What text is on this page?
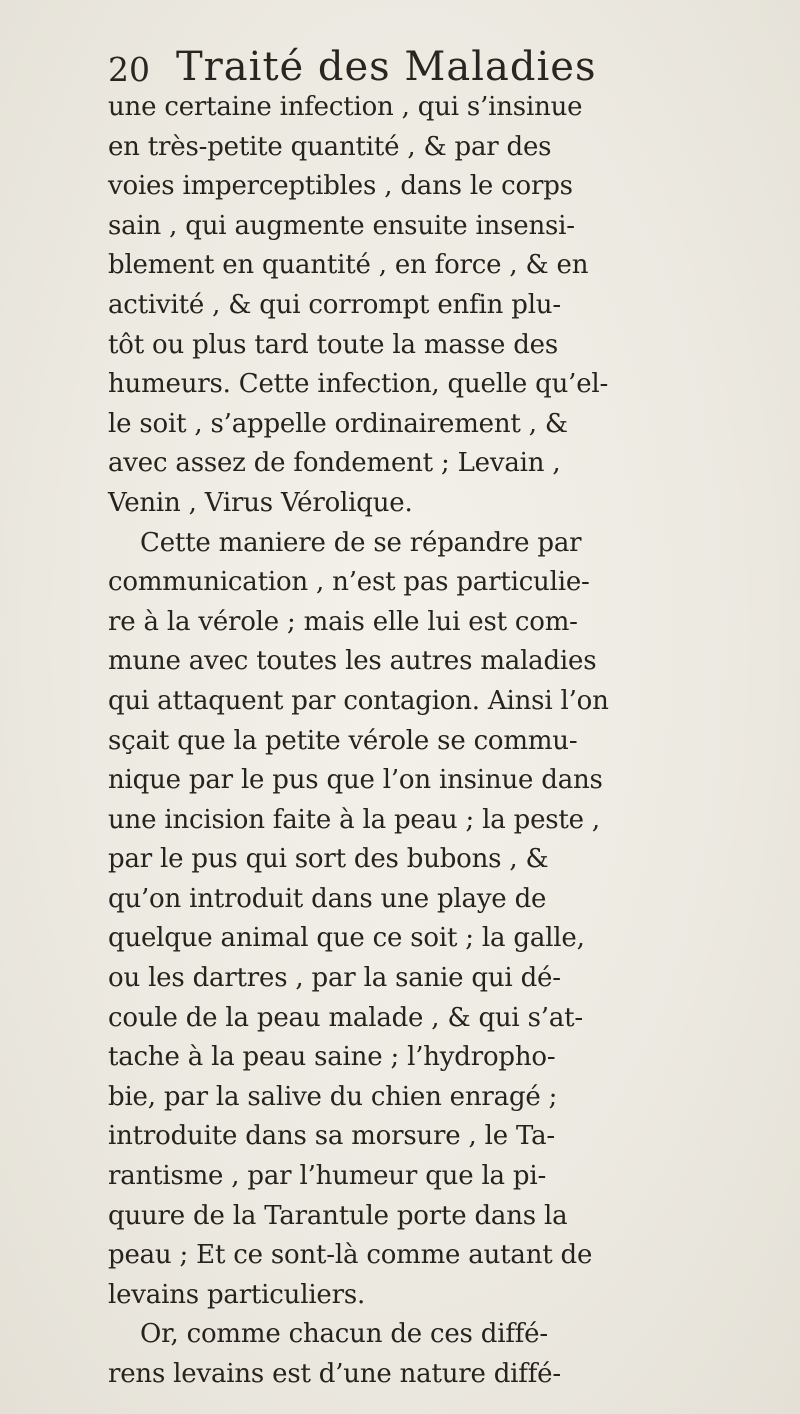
20 Traité des Maladies
une certaine infection , qui s’insinue
en très-petite quantité , & par des
voies imperceptibles , dans le corps
sain , qui augmente ensuite insensi-
blement en quantité , en force , & en
activité , & qui corrompt enfin plu-
tôt ou plus tard toute la masse des
humeurs. Cette infection, quelle qu’el-
le soit , s’appelle ordinairement , &
avec assez de fondement ; Levain ,
Venin , Virus Vérolique.
Cette maniere de se répandre par
communication , n’est pas particulie-
re à la vérole ; mais elle lui est com-
mune avec toutes les autres maladies
qui attaquent par contagion. Ainsi l’on
sçait que la petite vérole se commu-
nique par le pus que l’on insinue dans
une incision faite à la peau ; la peste ,
par le pus qui sort des bubons , &
qu’on introduit dans une playe de
quelque animal que ce soit ; la galle,
ou les dartres , par la sanie qui dé-
coule de la peau malade , & qui s’at-
tache à la peau saine ; l’hydropho-
bie, par la salive du chien enragé ;
introduite dans sa morsure , le Ta-
rantisme , par l’humeur que la pi-
quure de la Tarantule porte dans la
peau ; Et ce sont-là comme autant de
levains particuliers.
Or, comme chacun de ces diffé-
rens levains est d’une nature diffé-
